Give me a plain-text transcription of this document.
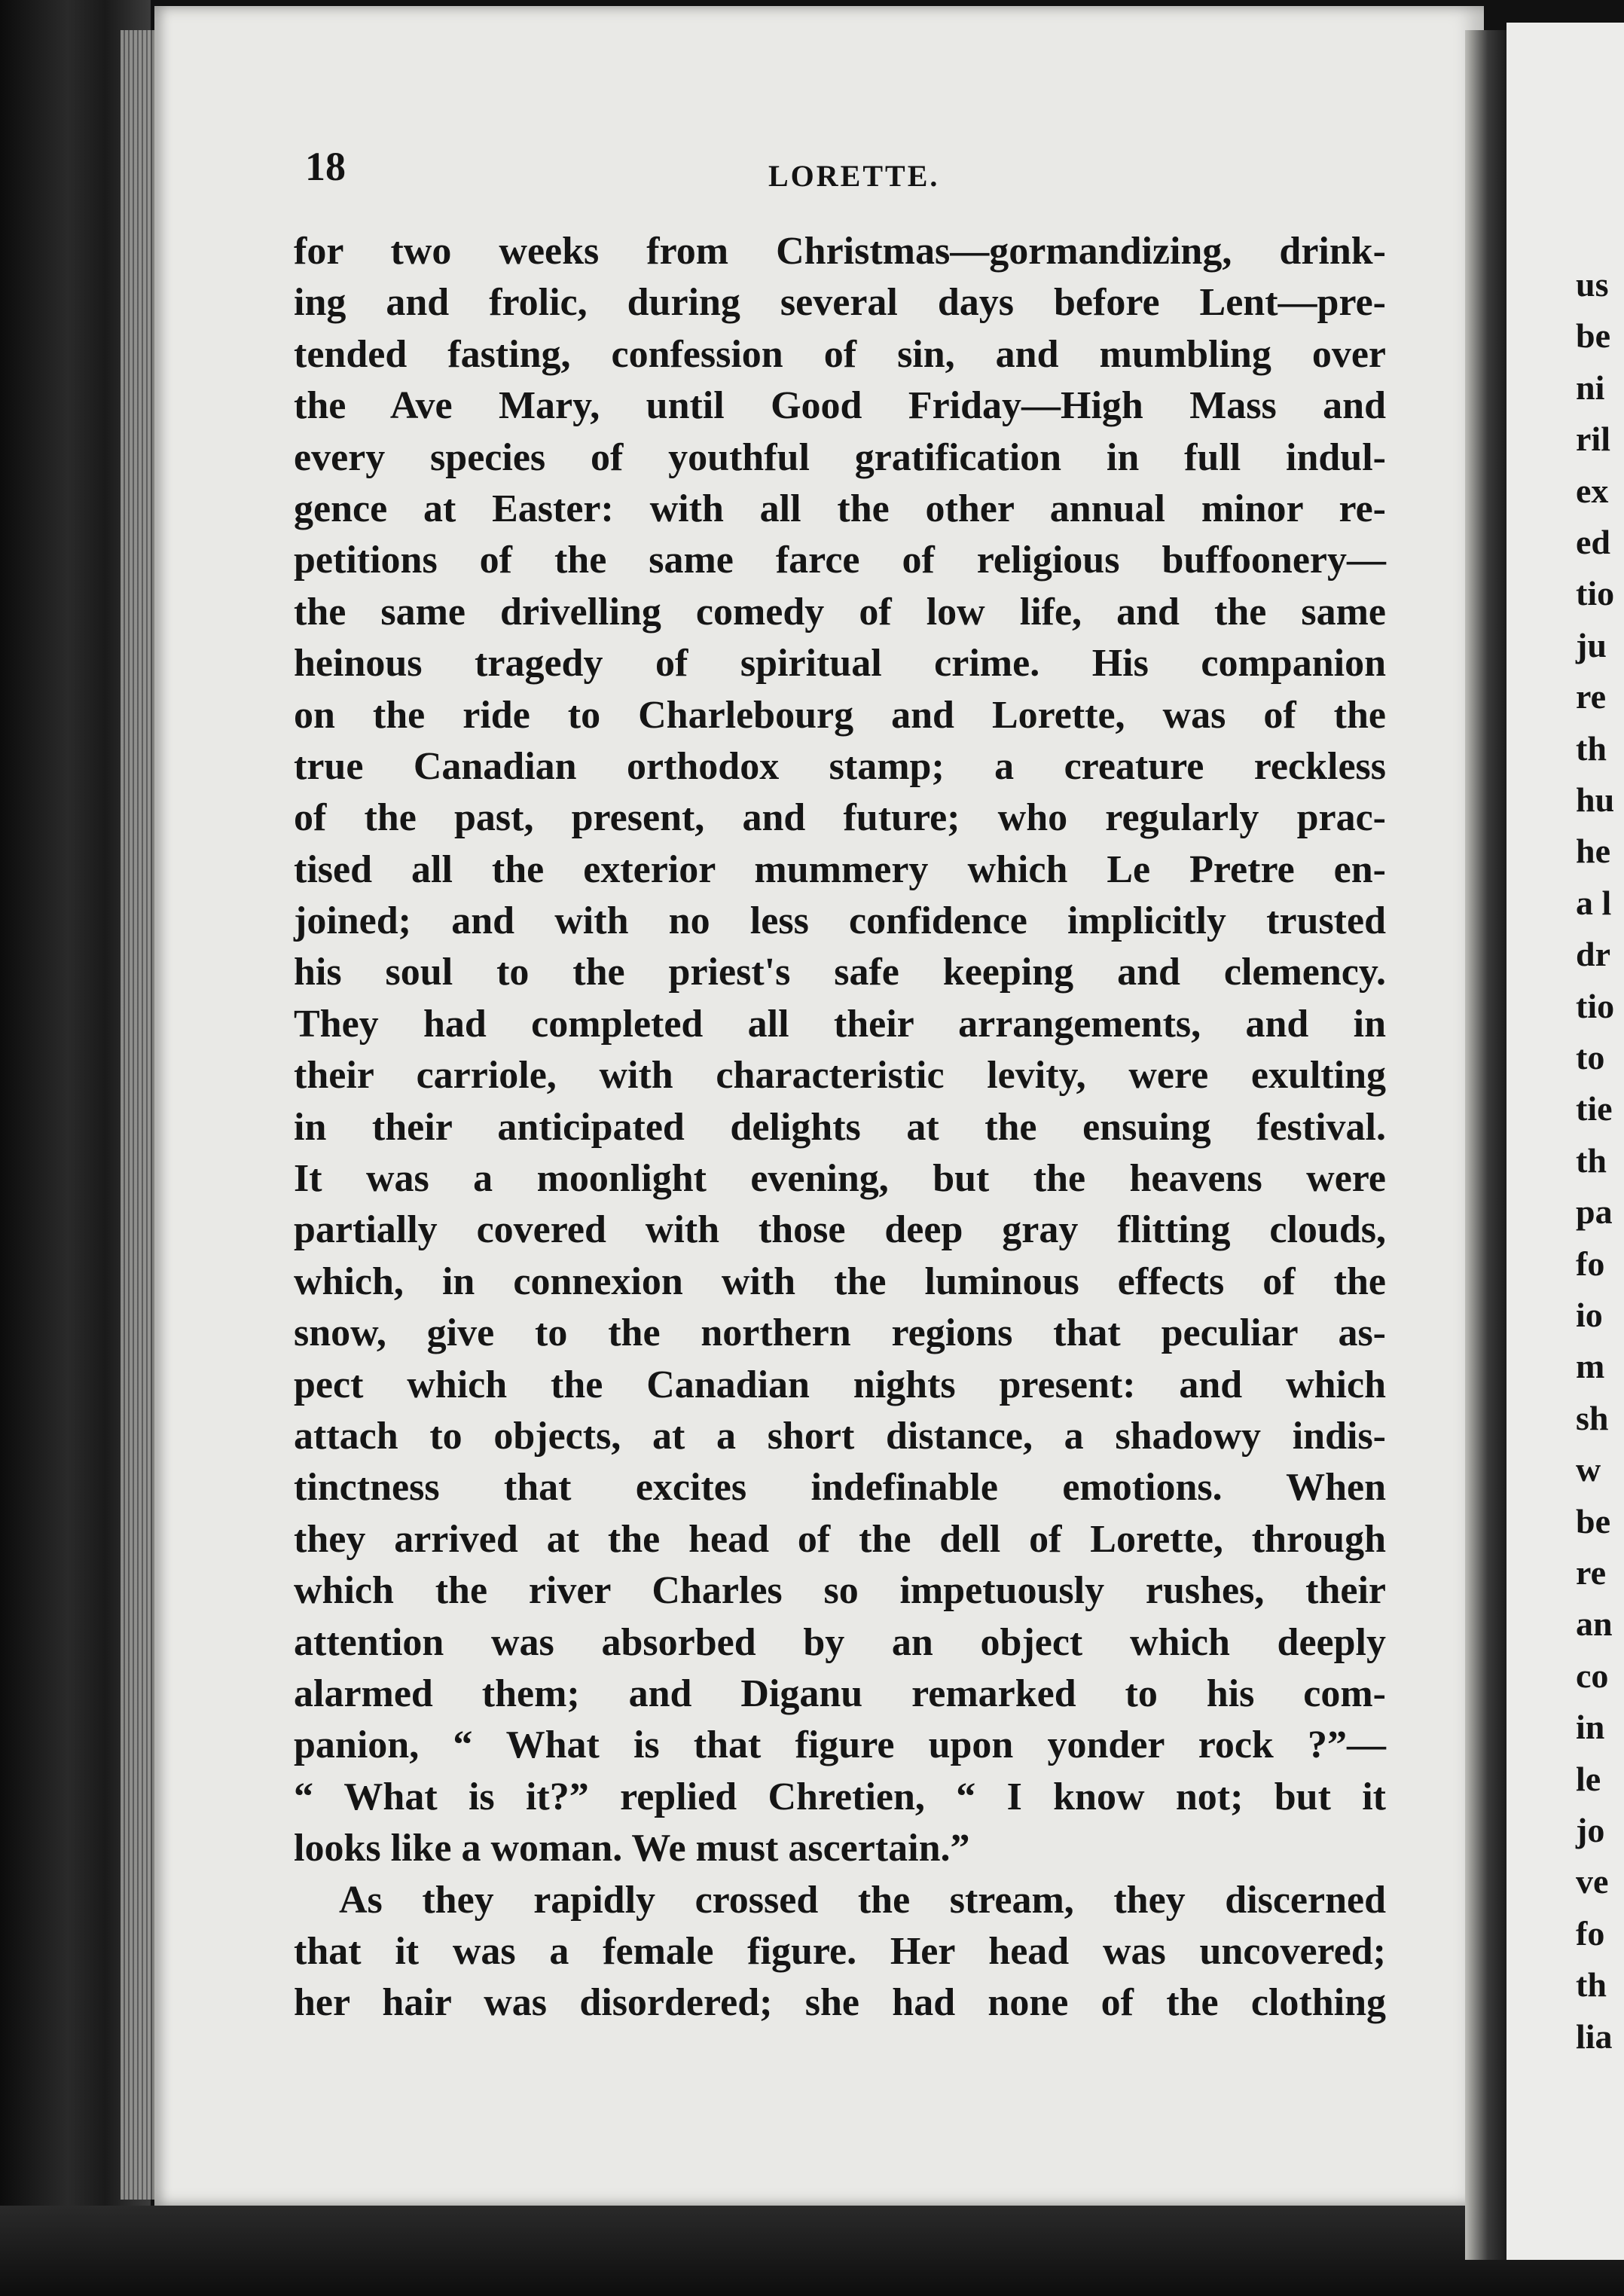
18	LORETTE.
for two weeks from Christmas—gormandizing, drink-
ing and frolic, during several days before Lent—pre-
tended fasting, confession of sin, and mumbling over
the Ave Mary, until Good Friday—High Mass and
every species of youthful gratification in full indul-
gence at Easter: with all the other annual minor re-
petitions of the same farce of religious buffoonery—
the same drivelling comedy of low life, and the same
heinous tragedy of spiritual crime. His companion
on the ride to Charlebourg and Lorette, was of the
true Canadian orthodox stamp; a creature reckless
of the past, present, and future; who regularly prac-
tised all the exterior mummery which Le Pretre en-
joined; and with no less confidence implicitly trusted
his soul to the priest's safe keeping and clemency.
They had completed all their arrangements, and in
their carriole, with characteristic levity, were exulting
in their anticipated delights at the ensuing festival.
It was a moonlight evening, but the heavens were
partially covered with those deep gray flitting clouds,
which, in connexion with the luminous effects of the
snow, give to the northern regions that peculiar as-
pect which the Canadian nights present: and which
attach to objects, at a short distance, a shadowy indis-
tinctness that excites indefinable emotions. When
they arrived at the head of the dell of Lorette, through
which the river Charles so impetuously rushes, their
attention was absorbed by an object which deeply
alarmed them; and Diganu remarked to his com-
panion, “ What is that figure upon yonder rock ?”—
“ What is it?” replied Chretien, “ I know not; but it
looks like a woman. We must ascertain.”
As they rapidly crossed the stream, they discerned
that it was a female figure. Her head was uncovered;
her hair was disordered; she had none of the clothing
us
be
ni
ril
ex
ed
tio
ju
re
th
hu
he
a l
dr
tio
to
tie
th
pa
fo
io
m
sh
w
be
re
an
co
in
le
jo
ve
fo
th
lia
